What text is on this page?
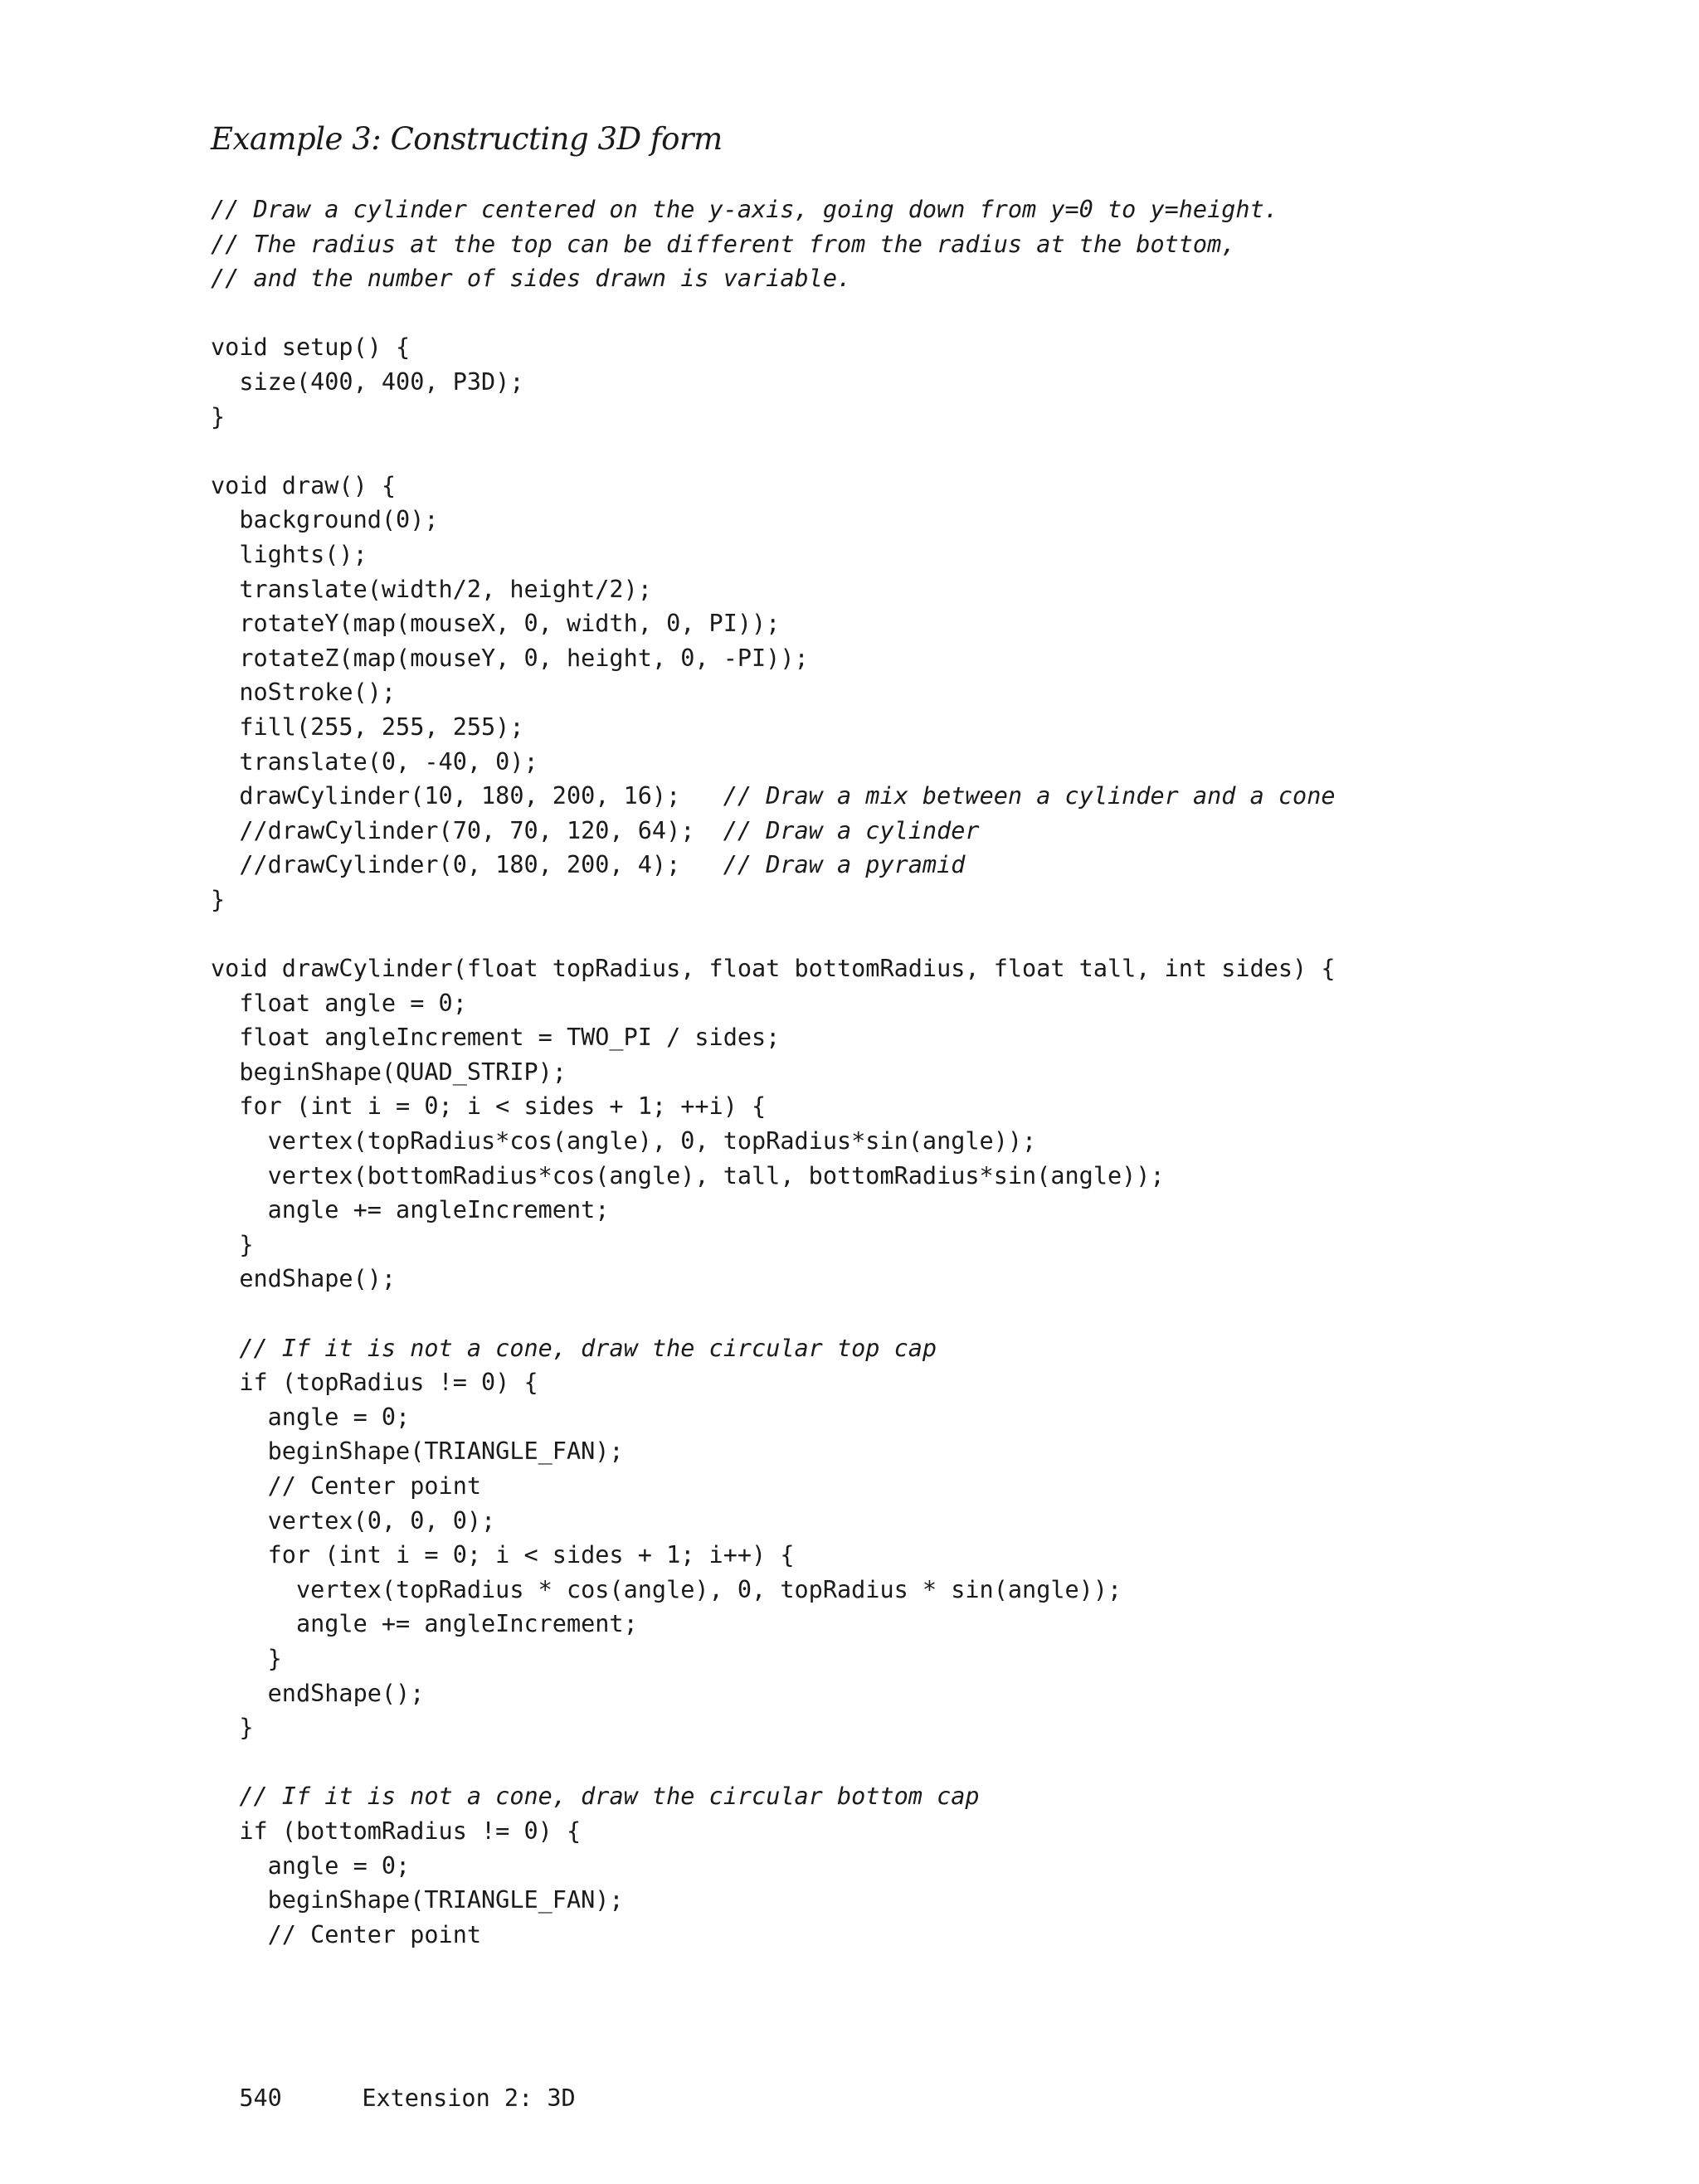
Example 3: Constructing 3D form
// Draw a cylinder centered on the y-axis, going down from y=0 to y=height.
// The radius at the top can be different from the radius at the bottom,
// and the number of sides drawn is variable.
void setup() {
size(400, 400, P3D);
}
void draw() {
background(0);
lights();
translate(width/2, height/2);
rotateY(map(mouseX, 0, width, 0, PI));
rotateZ(map(mouseY, 0, height, 0, -PI));
noStroke();
fill(255, 255, 255);
translate(0, -40, 0);
drawCylinder(10, 180, 200, 16);   // Draw a mix between a cylinder and a cone
//drawCylinder(70, 70, 120, 64);  // Draw a cylinder
//drawCylinder(0, 180, 200, 4);   // Draw a pyramid
}
void drawCylinder(float topRadius, float bottomRadius, float tall, int sides) {
float angle = 0;
float angleIncrement = TWO_PI / sides;
beginShape(QUAD_STRIP);
for (int i = 0; i < sides + 1; ++i) {
vertex(topRadius*cos(angle), 0, topRadius*sin(angle));
vertex(bottomRadius*cos(angle), tall, bottomRadius*sin(angle));
angle += angleIncrement;
}
endShape();
// If it is not a cone, draw the circular top cap
if (topRadius != 0) {
angle = 0;
beginShape(TRIANGLE_FAN);
// Center point
vertex(0, 0, 0);
for (int i = 0; i < sides + 1; i++) {
vertex(topRadius * cos(angle), 0, topRadius * sin(angle));
angle += angleIncrement;
}
endShape();
}
// If it is not a cone, draw the circular bottom cap
if (bottomRadius != 0) {
angle = 0;
beginShape(TRIANGLE_FAN);
// Center point

540	Extension 2: 3D
